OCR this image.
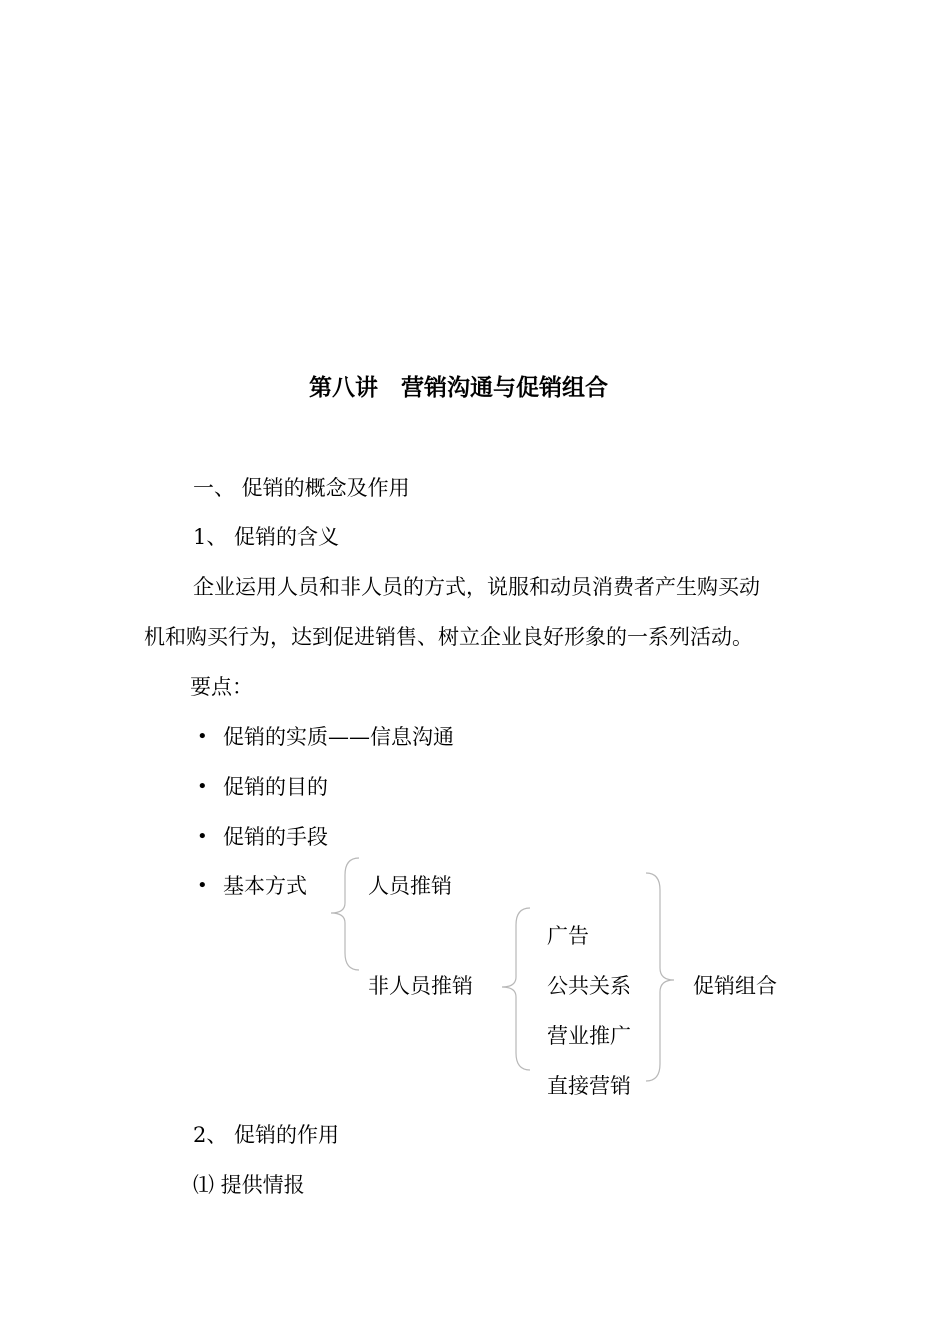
第八讲　营销沟通与促销组合
一、 促销的概念及作用
1、 促销的含义
企业运用人员和非人员的方式，说服和动员消费者产生购买动
机和购买行为，达到促进销售、树立企业良好形象的一系列活动。
要点：
• 促销的实质——信息沟通
• 促销的目的
• 促销的手段
• 基本方式	人员推销
非人员推销
广告
公共关系
营业推广
直接营销
促销组合
2、 促销的作用
⑴ 提供情报
